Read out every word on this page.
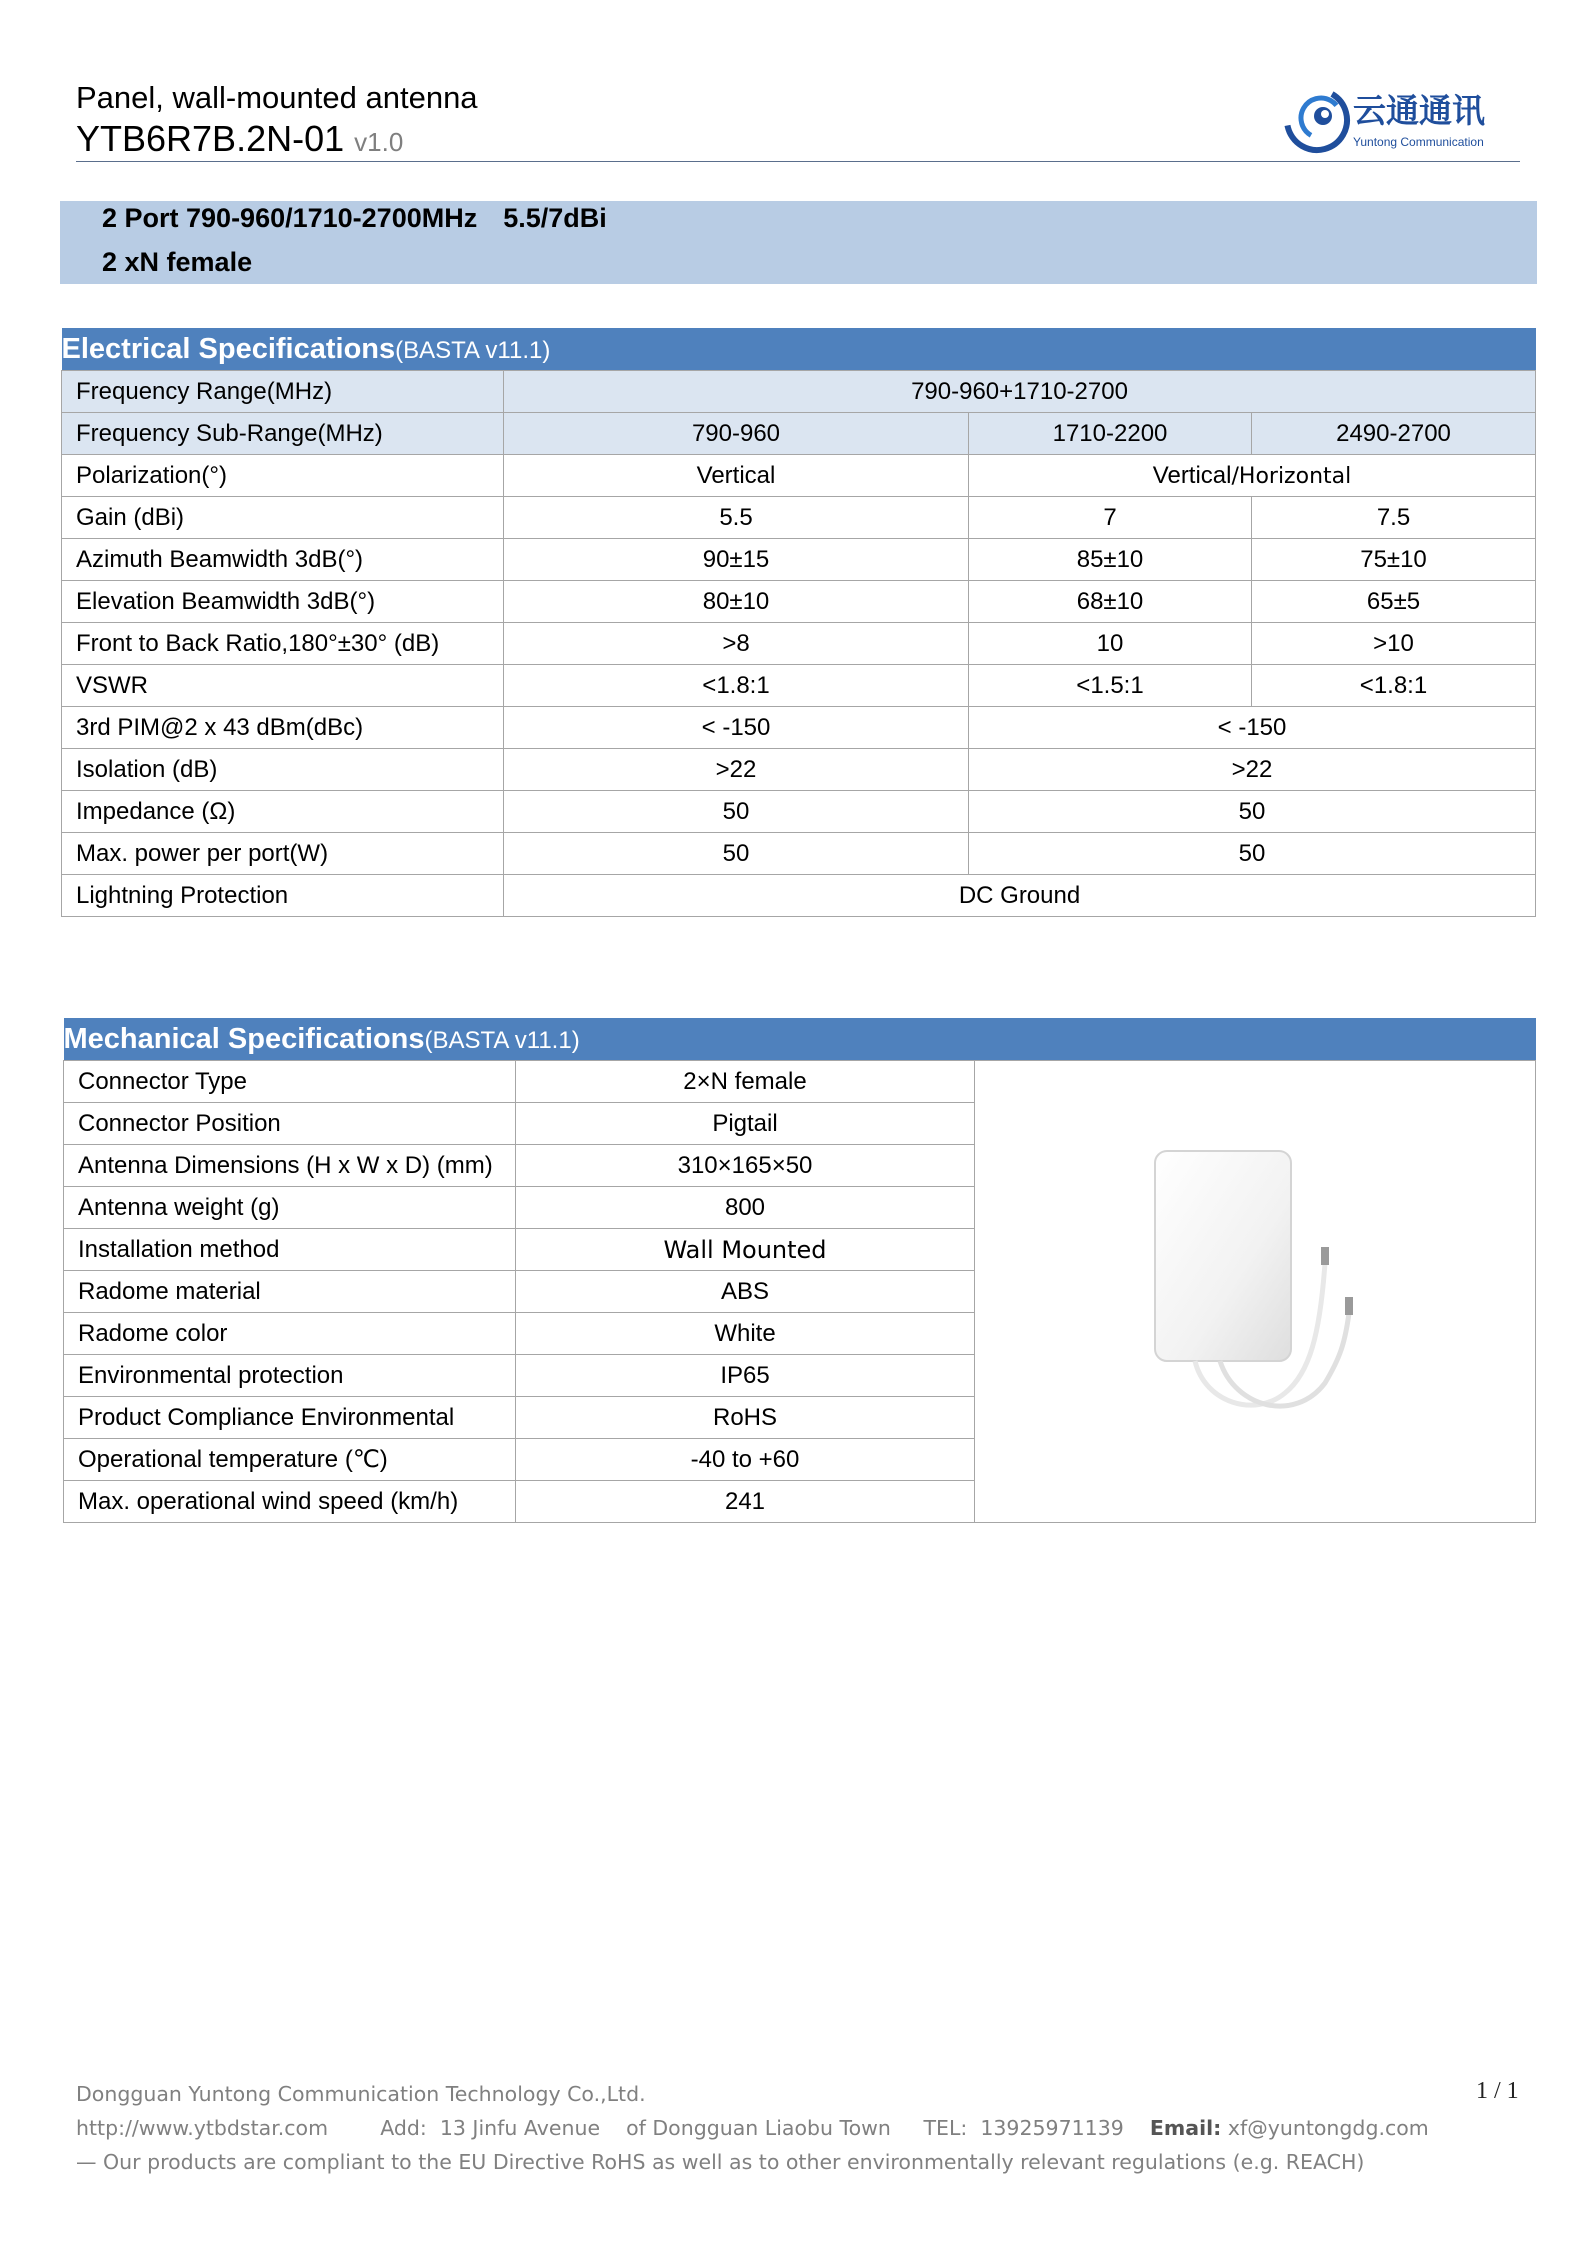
Panel, wall-mounted antenna
YTB6R7B.2N-01 v1.0
云通通讯
Yuntong Communication
2 Port 790-960/1710-2700MHz 5.5/7dBi
2 xN female
Electrical Specifications(BASTA v11.1)			
Frequency Range(MHz)	790-960+1710-2700		
Frequency Sub-Range(MHz)	790-960	1710-2200	2490-2700
Polarization(°)	Vertical	Vertical/Horizontal	
Gain (dBi)	5.5	7	7.5
Azimuth Beamwidth 3dB(°)	90±15	85±10	75±10
Elevation Beamwidth 3dB(°)	80±10	68±10	65±5
Front to Back Ratio,180°±30° (dB)	>8	10	>10
VSWR	<1.8:1	<1.5:1	<1.8:1
3rd PIM@2 x 43 dBm(dBc)	< -150	< -150	
Isolation (dB)	>22	>22	
Impedance (Ω)	50	50	
Max. power per port(W)	50	50	
Lightning Protection	DC Ground		
Mechanical Specifications(BASTA v11.1)		
Connector Type	2×N female	
Connector Position	Pigtail	
Antenna Dimensions (H x W x D) (mm)	310×165×50	
Antenna weight (g)	800	
Installation method	Wall Mounted	
Radome material	ABS	
Radome color	White	
Environmental protection	IP65	
Product Compliance Environmental	RoHS	
Operational temperature (℃)	-40 to +60	
Max. operational wind speed (km/h)	241	
Dongguan Yuntong Communication Technology Co.,Ltd.
http://www.ytbdstar.com	Add:  13 Jinfu Avenue    of Dongguan Liaobu Town TEL:  13925971139 Email: xf@yuntongdg.com
— Our products are compliant to the EU Directive RoHS as well as to other environmentally relevant regulations (e.g. REACH)
1 / 1
